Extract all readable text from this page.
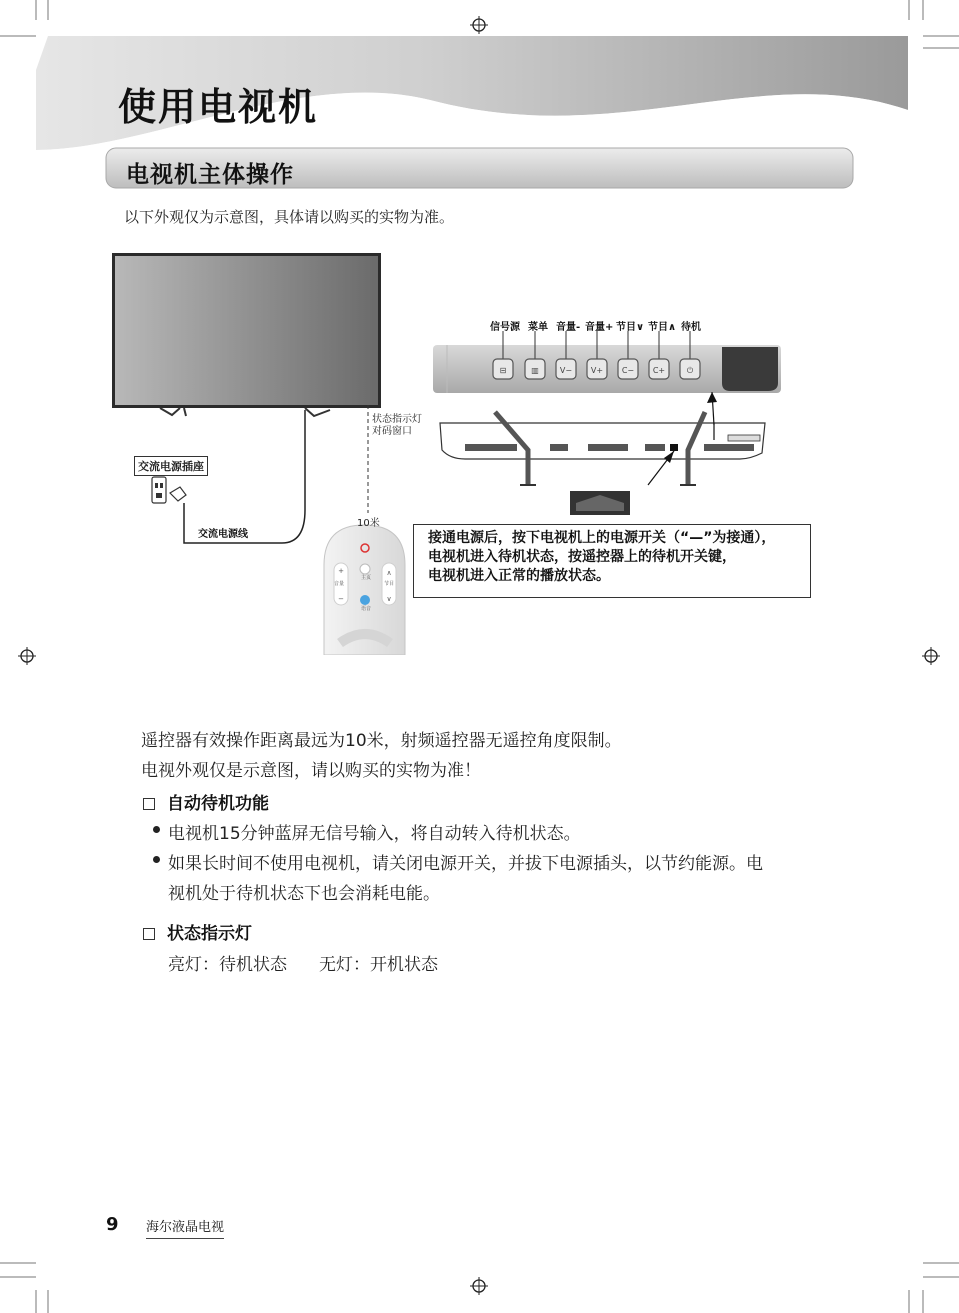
使用电视机
电视机主体操作
以下外观仅为示意图，具体请以购买的实物为准。
+
−
∧
∨
⊟	▥	V− V+ C− C+	⏻
信号源 菜单 音量- 音量+ 节目∨ 节目∧ 待机
状态指示灯
对码窗口
交流电源插座
交流电源线
10米
音量	节目
主页
语音
接通电源后，按下电视机上的电源开关（“—”为接通），
电视机进入待机状态，按遥控器上的待机开关键，
电视机进入正常的播放状态。
遥控器有效操作距离最远为10米，射频遥控器无遥控角度限制。
电视外观仅是示意图，请以购买的实物为准！
自动待机功能
电视机15分钟蓝屏无信号输入，将自动转入待机状态。
如果长时间不使用电视机，请关闭电源开关，并拔下电源插头，以节约能源。电
视机处于待机状态下也会消耗电能。
状态指示灯
亮灯：待机状态 无灯：开机状态
9 海尔液晶电视
